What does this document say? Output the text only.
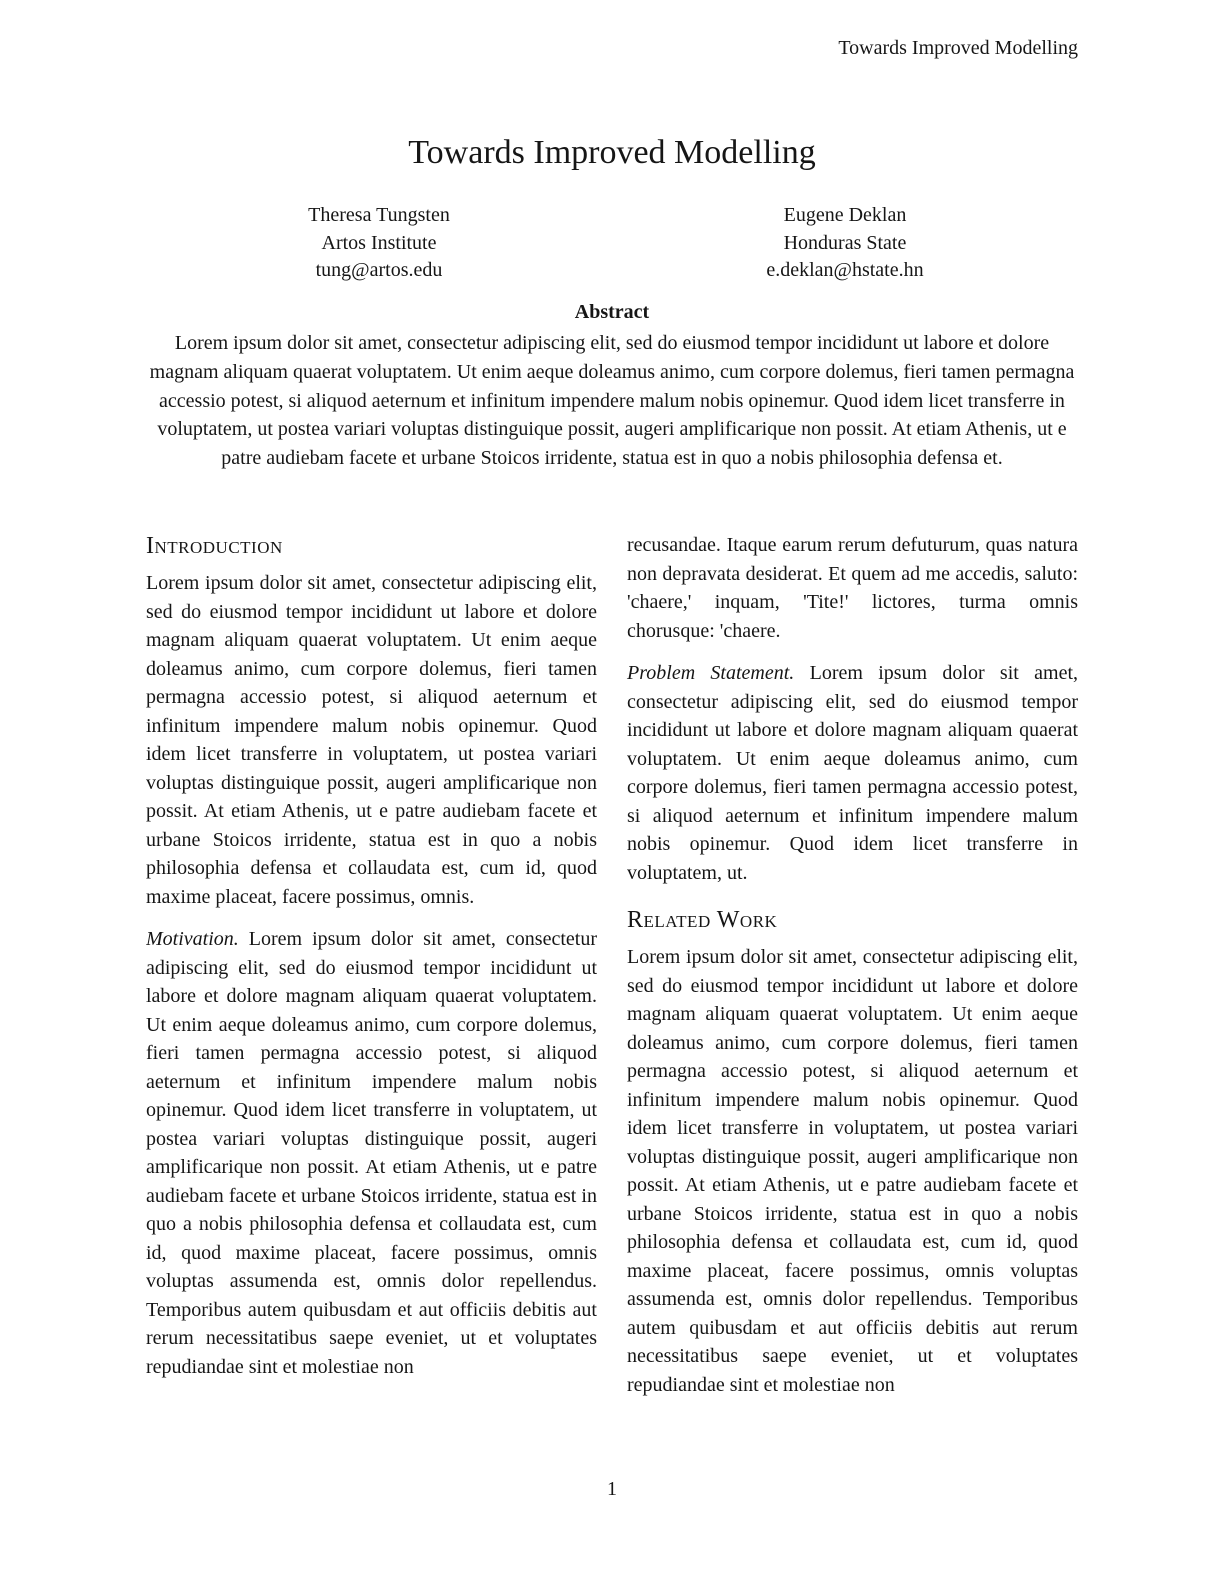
Towards Improved Modelling
Towards Improved Modelling
Theresa Tungsten
Artos Institute
tung@artos.edu
Eugene Deklan
Honduras State
e.deklan@hstate.hn
Abstract
Lorem ipsum dolor sit amet, consectetur adipiscing elit, sed do eiusmod tempor incididunt ut labore et dolore magnam aliquam quaerat voluptatem. Ut enim aeque doleamus animo, cum corpore dolemus, fieri tamen permagna accessio potest, si aliquod aeternum et infinitum impendere malum nobis opinemur. Quod idem licet transferre in voluptatem, ut postea variari voluptas distinguique possit, augeri amplificarique non possit. At etiam Athenis, ut e patre audiebam facete et urbane Stoicos irridente, statua est in quo a nobis philosophia defensa et.
Introduction

Lorem ipsum dolor sit amet, consectetur adipiscing elit, sed do eiusmod tempor incididunt ut labore et dolore magnam aliquam quaerat voluptatem. Ut enim aeque doleamus animo, cum corpore dolemus, fieri tamen permagna accessio potest, si aliquod aeternum et infinitum impendere malum nobis opinemur. Quod idem licet transferre in voluptatem, ut postea variari voluptas distinguique possit, augeri amplificarique non possit. At etiam Athenis, ut e patre audiebam facete et urbane Stoicos irridente, statua est in quo a nobis philosophia defensa et collaudata est, cum id, quod maxime placeat, facere possimus, omnis.

Motivation. Lorem ipsum dolor sit amet, consectetur adipiscing elit, sed do eiusmod tempor incididunt ut labore et dolore magnam aliquam quaerat voluptatem. Ut enim aeque doleamus animo, cum corpore dolemus, fieri tamen permagna accessio potest, si aliquod aeternum et infinitum impendere malum nobis opinemur. Quod idem licet transferre in voluptatem, ut postea variari voluptas distinguique possit, augeri amplificarique non possit. At etiam Athenis, ut e patre audiebam facete et urbane Stoicos irridente, statua est in quo a nobis philosophia defensa et collaudata est, cum id, quod maxime placeat, facere possimus, omnis voluptas assumenda est, omnis dolor repellendus. Temporibus autem quibusdam et aut officiis debitis aut rerum necessitatibus saepe eveniet, ut et voluptates repudiandae sint et molestiae non

recusandae. Itaque earum rerum defuturum, quas natura non depravata desiderat. Et quem ad me accedis, saluto: 'chaere,' inquam, 'Tite!' lictores, turma omnis chorusque: 'chaere.

Problem Statement. Lorem ipsum dolor sit amet, consectetur adipiscing elit, sed do eiusmod tempor incididunt ut labore et dolore magnam aliquam quaerat voluptatem. Ut enim aeque doleamus animo, cum corpore dolemus, fieri tamen permagna accessio potest, si aliquod aeternum et infinitum impendere malum nobis opinemur. Quod idem licet transferre in voluptatem, ut.

Related Work

Lorem ipsum dolor sit amet, consectetur adipiscing elit, sed do eiusmod tempor incididunt ut labore et dolore magnam aliquam quaerat voluptatem. Ut enim aeque doleamus animo, cum corpore dolemus, fieri tamen permagna accessio potest, si aliquod aeternum et infinitum impendere malum nobis opinemur. Quod idem licet transferre in voluptatem, ut postea variari voluptas distinguique possit, augeri amplificarique non possit. At etiam Athenis, ut e patre audiebam facete et urbane Stoicos irridente, statua est in quo a nobis philosophia defensa et collaudata est, cum id, quod maxime placeat, facere possimus, omnis voluptas assumenda est, omnis dolor repellendus. Temporibus autem quibusdam et aut officiis debitis aut rerum necessitatibus saepe eveniet, ut et voluptates repudiandae sint et molestiae non

1
